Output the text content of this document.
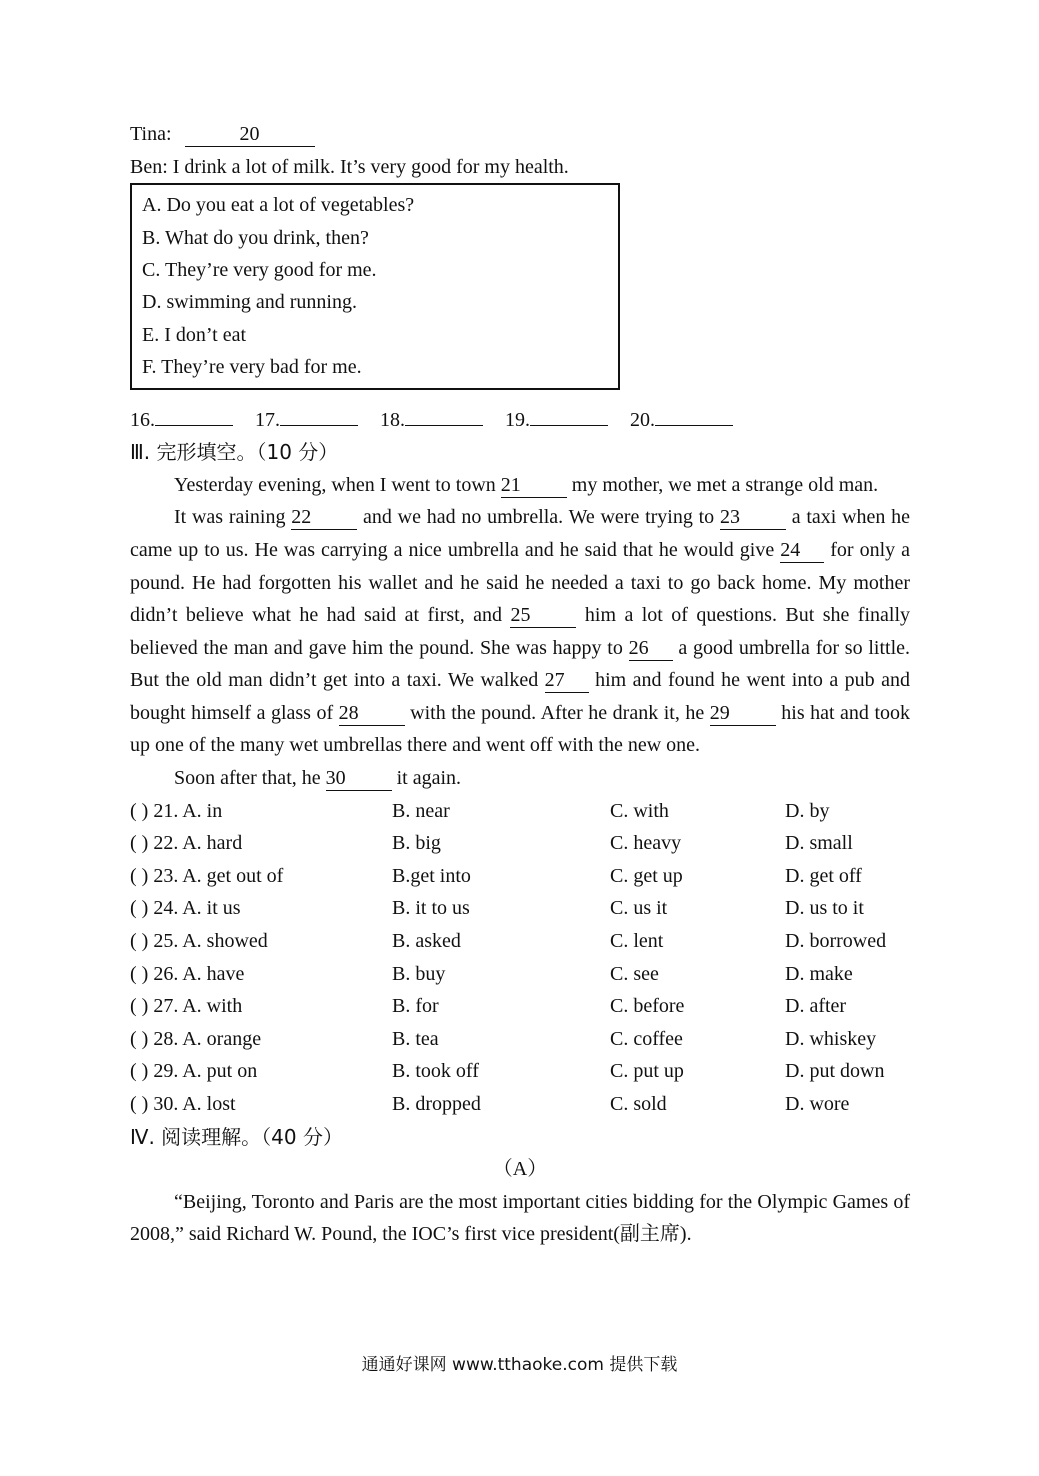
Tina:	20
Ben: I drink a lot of milk. It’s very good for my health.
A. Do you eat a lot of vegetables?
B. What do you drink, then?
C. They’re very good for me.
D. swimming and running.
E. I don’t eat
F. They’re very bad for me.
16.	17.	18.	19.	20.
Ⅲ. 完形填空。（10 分）
Yesterday evening, when I went to town 21	my mother, we met a strange old man.
It was raining 22	and we had no umbrella. We were trying to 23	a taxi when he came up to us. He was carrying a nice umbrella and he said that he would give 24 for only a pound. He had forgotten his wallet and he said he needed a taxi to go back home. My mother didn’t believe what he had said at first, and 25	him a lot of questions. But she finally believed the man and gave him the pound. She was happy to 26 a good umbrella for so little. But the old man didn’t get into a taxi. We walked 27 him and found he went into a pub and bought himself a glass of 28	with the pound. After he drank it, he 29	his hat and took up one of the many wet umbrellas there and went off with the new one.
Soon after that, he 30	it again.
( ) 21. A. in	B. near	C. with	D. by
( ) 22. A. hard	B. big	C. heavy	D. small
( ) 23. A. get out of	B.get into	C. get up	D. get off
( ) 24. A. it us	B. it to us	C. us it	D. us to it
( ) 25. A. showed	B. asked	C. lent	D. borrowed
( ) 26. A. have	B. buy	C. see	D. make
( ) 27. A. with	B. for	C. before	D. after
( ) 28. A. orange	B. tea	C. coffee	D. whiskey
( ) 29. A. put on	B. took off	C. put up	D. put down
( ) 30. A. lost	B. dropped	C. sold	D. wore
Ⅳ. 阅读理解。（40 分）
（A）
“Beijing, Toronto and Paris are the most important cities bidding for the Olympic Games of 2008,” said Richard W. Pound, the IOC’s first vice president(副主席).
通通好课网 www.tthaoke.com 提供下载
